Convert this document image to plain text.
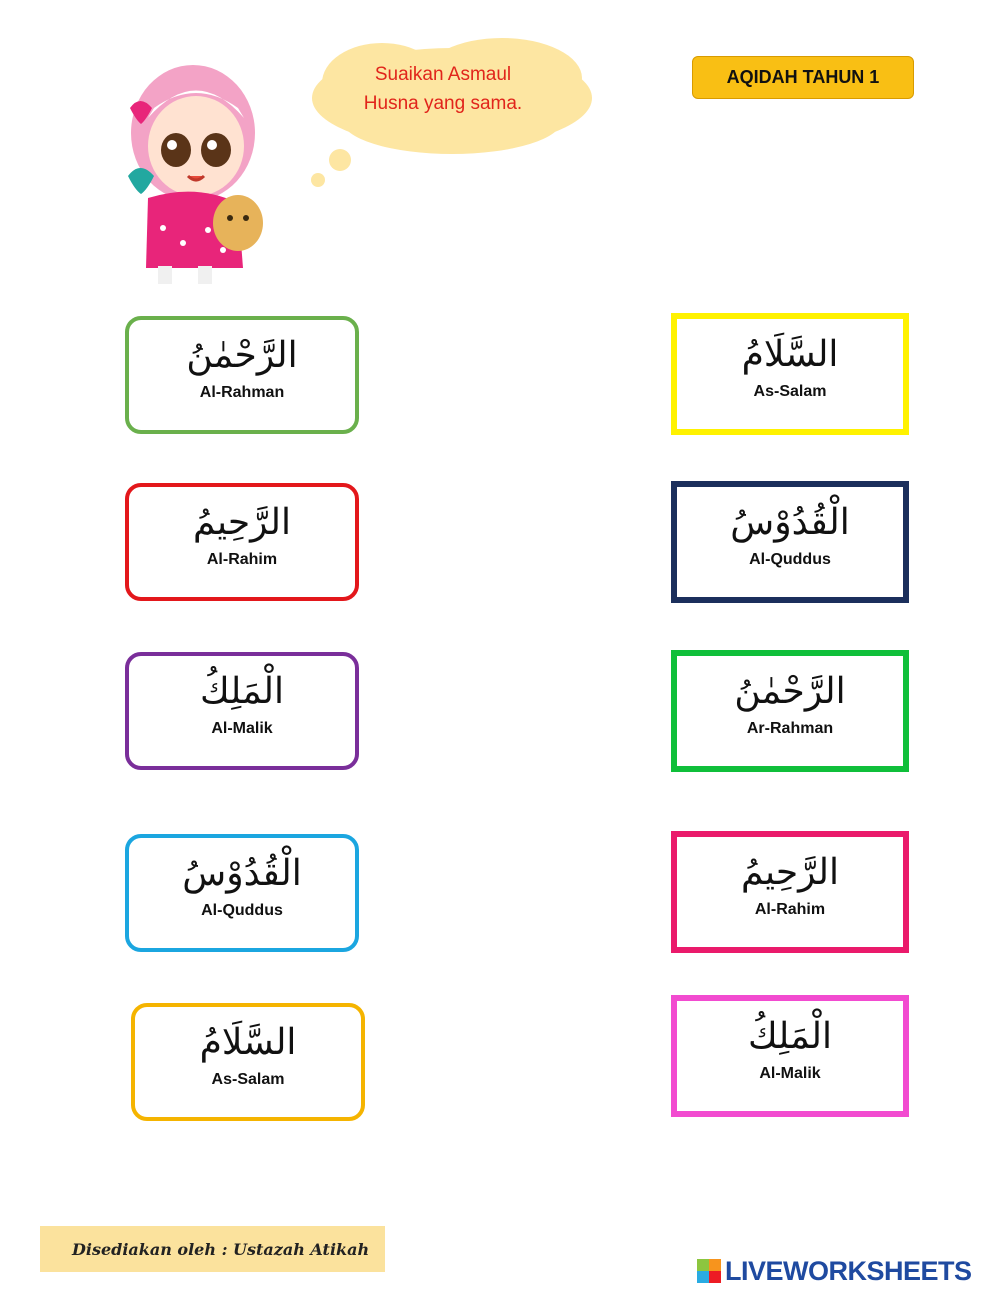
Suaikan Asmaul
Husna yang sama.
AQIDAH TAHUN 1
الرَّحْمٰنُ
Al-Rahman
الرَّحِيمُ
Al-Rahim
الْمَلِكُ
Al-Malik
الْقُدُوْسُ
Al-Quddus
السَّلَامُ
As-Salam
السَّلَامُ
As-Salam
الْقُدُوْسُ
Al-Quddus
الرَّحْمٰنُ
Ar-Rahman
الرَّحِيمُ
Al-Rahim
الْمَلِكُ
Al-Malik
Disediakan oleh : Ustazah Atikah
LIVEWORKSHEETS
